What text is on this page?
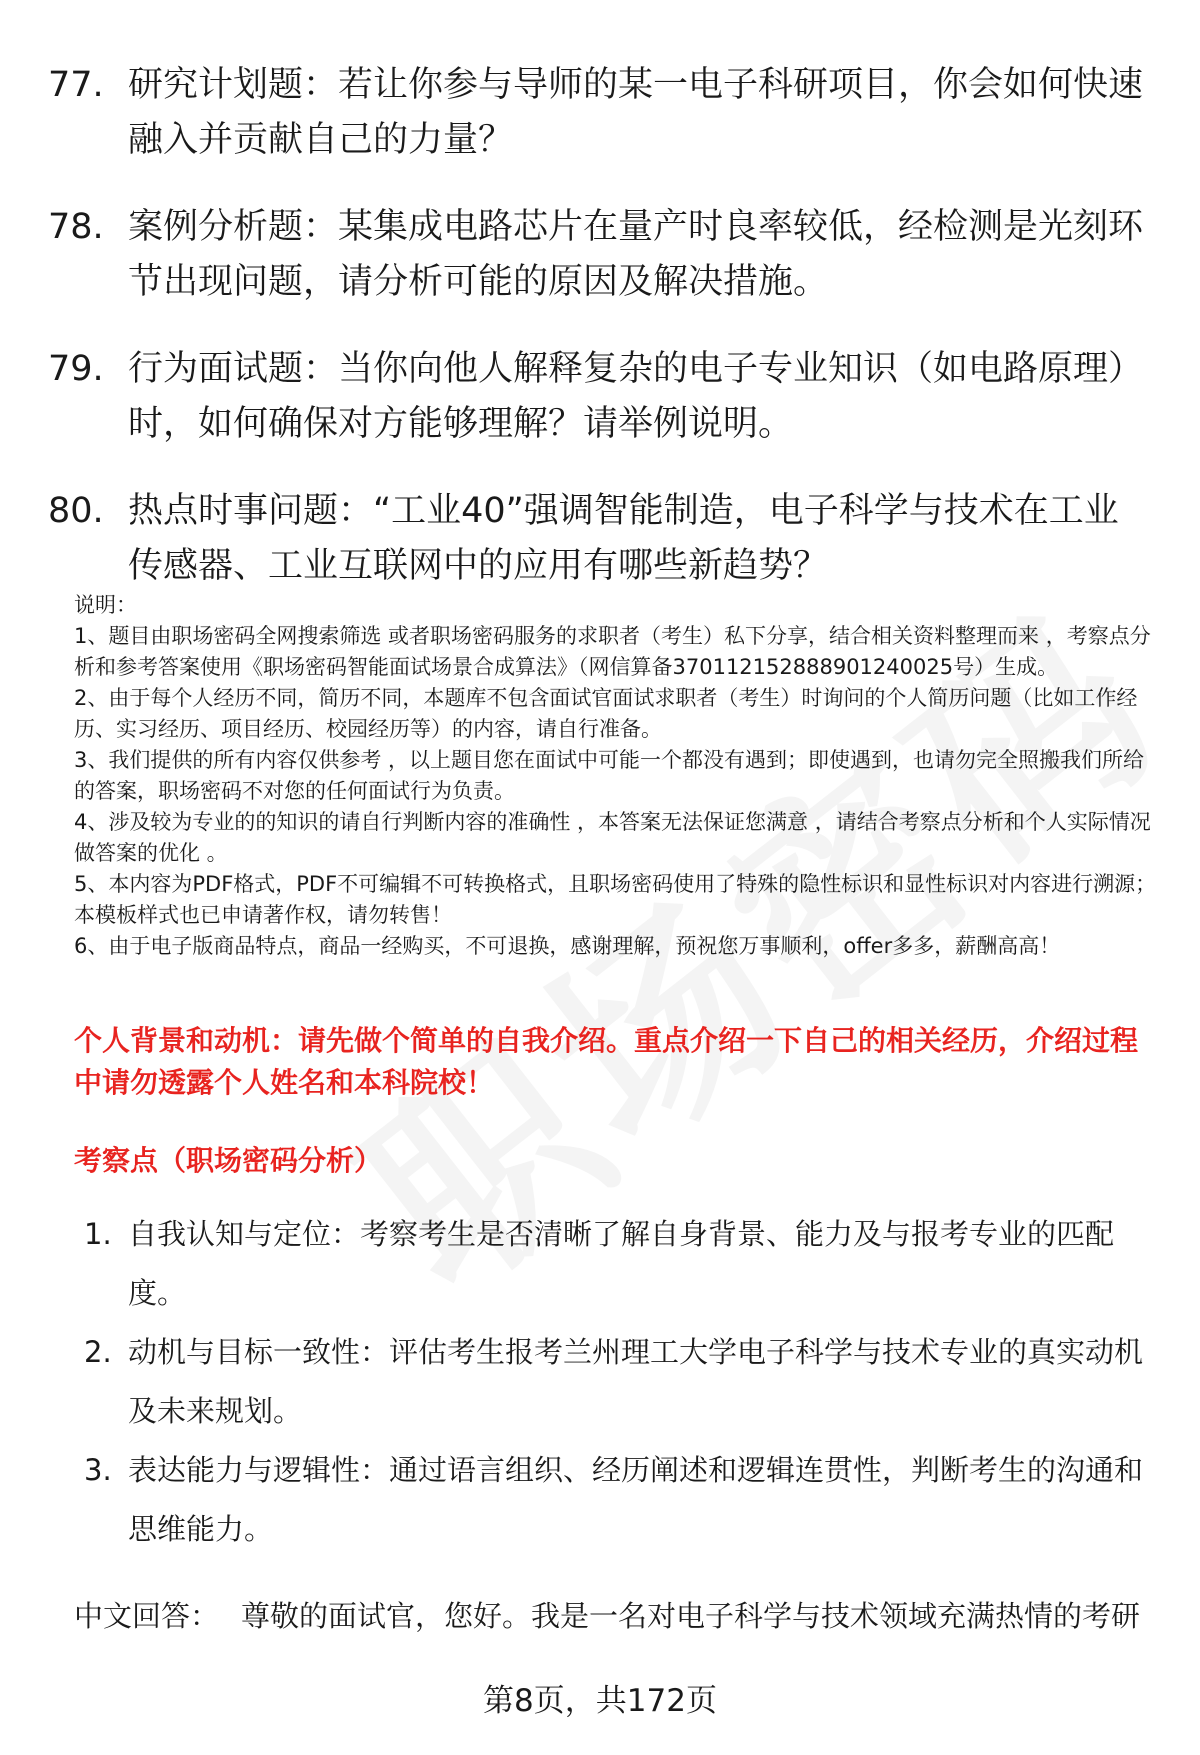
77. 研究计划题：若让你参与导师的某一电子科研项目，你会如何快速融入并贡献自己的力量？
78. 案例分析题：某集成电路芯片在量产时良率较低，经检测是光刻环节出现问题，请分析可能的原因及解决措施。
79. 行为面试题：当你向他人解释复杂的电子专业知识（如电路原理）时，如何确保对方能够理解？请举例说明。
80. 热点时事问题：“工业40”强调智能制造，电子科学与技术在工业传感器、工业互联网中的应用有哪些新趋势？

说明：

1、题目由职场密码全网搜索筛选 或者职场密码服务的求职者（考生）私下分享，结合相关资料整理而来 ，考察点分析和参考答案使用《职场密码智能面试场景合成算法》（网信算备370112152888901240025号）生成。

2、由于每个人经历不同，简历不同，本题库不包含面试官面试求职者（考生）时询问的个人简历问题（比如工作经历、实习经历、项目经历、校园经历等）的内容，请自行准备。

3、我们提供的所有内容仅供参考 ，以上题目您在面试中可能一个都没有遇到；即使遇到，也请勿完全照搬我们所给的答案，职场密码不对您的任何面试行为负责。

4、涉及较为专业的的知识的请自行判断内容的准确性 ，本答案无法保证您满意 ，请结合考察点分析和个人实际情况做答案的优化 。

5、本内容为PDF格式，PDF不可编辑不可转换格式，且职场密码使用了特殊的隐性标识和显性标识对内容进行溯源；本模板样式也已申请著作权，请勿转售！

6、由于电子版商品特点，商品一经购买，不可退换，感谢理解，预祝您万事顺利，offer多多，薪酬高高！

个人背景和动机：请先做个简单的自我介绍。重点介绍一下自己的相关经历，介绍过程中请勿透露个人姓名和本科院校！

考察点（职场密码分析）

1. 自我认知与定位：考察考生是否清晰了解自身背景、能力及与报考专业的匹配度。
2. 动机与目标一致性：评估考生报考兰州理工大学电子科学与技术专业的真实动机及未来规划。
3. 表达能力与逻辑性：通过语言组织、经历阐述和逻辑连贯性，判断考生的沟通和思维能力。
中文回答： 尊敬的面试官，您好。我是一名对电子科学与技术领域充满热情的考研
第8页，共172页
